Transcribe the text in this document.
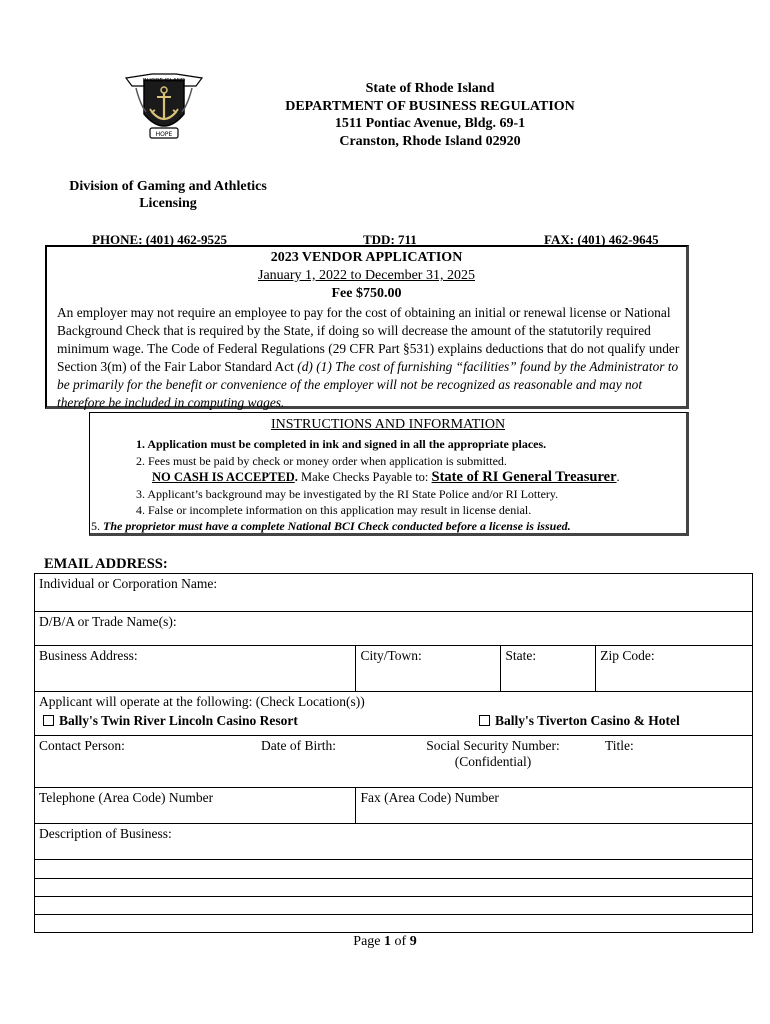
RHODE ISLAND
HOPE
State of Rhode Island
DEPARTMENT OF BUSINESS REGULATION
1511 Pontiac Avenue, Bldg. 69-1
Cranston, Rhode Island 02920
Division of Gaming and Athletics
Licensing
PHONE: (401) 462-9525	TDD: 711	FAX: (401) 462-9645
2023 VENDOR APPLICATION
January 1, 2022 to December 31, 2025
Fee $750.00
An employer may not require an employee to pay for the cost of obtaining an initial or renewal license or National Background Check that is required by the State, if doing so will decrease the amount of the statutorily required minimum wage. The Code of Federal Regulations (29 CFR Part §531) explains deductions that do not qualify under Section 3(m) of the Fair Labor Standard Act (d) (1) The cost of furnishing “facilities” found by the Administrator to be primarily for the benefit or convenience of the employer will not be recognized as reasonable and may not therefore be included in computing wages.
INSTRUCTIONS AND INFORMATION
1. Application must be completed in ink and signed in all the appropriate places.
2. Fees must be paid by check or money order when application is submitted.
NO CASH IS ACCEPTED. Make Checks Payable to: State of RI General Treasurer.
3. Applicant’s background may be investigated by the RI State Police and/or RI Lottery.
4. False or incomplete information on this application may result in license denial.
5. The proprietor must have a complete National BCI Check conducted before a license is issued.
EMAIL ADDRESS:
Individual or Corporation Name:			
D/B/A or Trade Name(s):			
Business Address:	City/Town:	State:	Zip Code:

Applicant will operate at the following: (Check Location(s))
Bally's Twin River Lincoln Casino Resort Bally's Tiverton Casino & Hotel			

Contact Person: Date of Birth: Social Security Number:
(Confidential)
Title:			

Telephone (Area Code) Number	Fax (Area Code) Number		
Description of Business:			

Page 1 of 9
